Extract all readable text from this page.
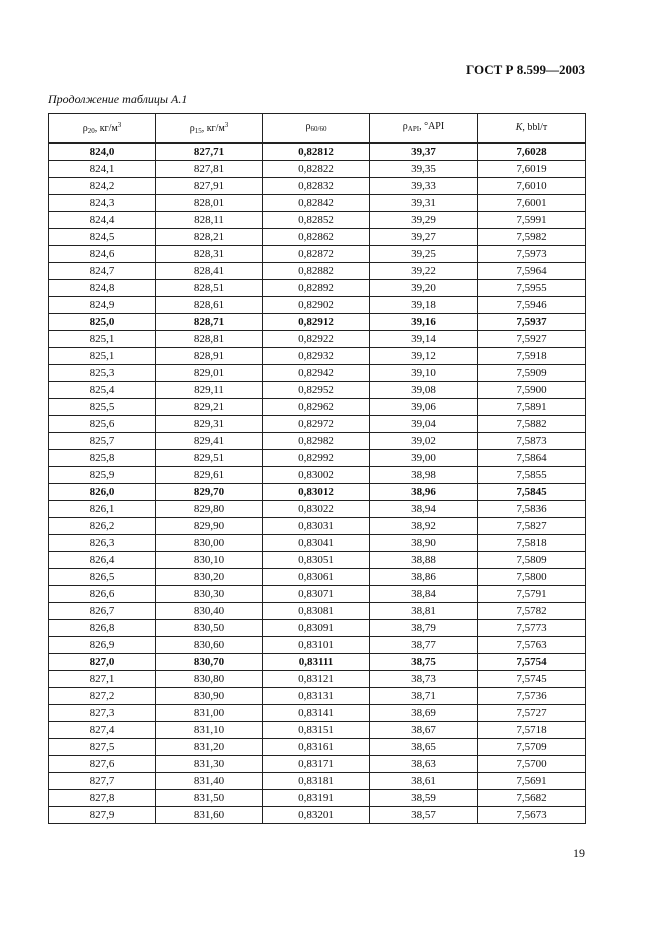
ГОСТ Р 8.599—2003
Продолжение таблицы А.1
$\rho_{20}$, $кг/м^3$	$\rho_{15}$, $кг/м^3$	$\rho_{60/60}$	$\rho_{API}$, °API	K, bbl/т
824,0	827,71	0,82812	39,37	7,6028
824,1	827,81	0,82822	39,35	7,6019
824,2	827,91	0,82832	39,33	7,6010
824,3	828,01	0,82842	39,31	7,6001
824,4	828,11	0,82852	39,29	7,5991
824,5	828,21	0,82862	39,27	7,5982
824,6	828,31	0,82872	39,25	7,5973
824,7	828,41	0,82882	39,22	7,5964
824,8	828,51	0,82892	39,20	7,5955
824,9	828,61	0,82902	39,18	7,5946
825,0	828,71	0,82912	39,16	7,5937
825,1	828,81	0,82922	39,14	7,5927
825,1	828,91	0,82932	39,12	7,5918
825,3	829,01	0,82942	39,10	7,5909
825,4	829,11	0,82952	39,08	7,5900
825,5	829,21	0,82962	39,06	7,5891
825,6	829,31	0,82972	39,04	7,5882
825,7	829,41	0,82982	39,02	7,5873
825,8	829,51	0,82992	39,00	7,5864
825,9	829,61	0,83002	38,98	7,5855
826,0	829,70	0,83012	38,96	7,5845
826,1	829,80	0,83022	38,94	7,5836
826,2	829,90	0,83031	38,92	7,5827
826,3	830,00	0,83041	38,90	7,5818
826,4	830,10	0,83051	38,88	7,5809
826,5	830,20	0,83061	38,86	7,5800
826,6	830,30	0,83071	38,84	7,5791
826,7	830,40	0,83081	38,81	7,5782
826,8	830,50	0,83091	38,79	7,5773
826,9	830,60	0,83101	38,77	7,5763
827,0	830,70	0,83111	38,75	7,5754
827,1	830,80	0,83121	38,73	7,5745
827,2	830,90	0,83131	38,71	7,5736
827,3	831,00	0,83141	38,69	7,5727
827,4	831,10	0,83151	38,67	7,5718
827,5	831,20	0,83161	38,65	7,5709
827,6	831,30	0,83171	38,63	7,5700
827,7	831,40	0,83181	38,61	7,5691
827,8	831,50	0,83191	38,59	7,5682
827,9	831,60	0,83201	38,57	7,5673
19
